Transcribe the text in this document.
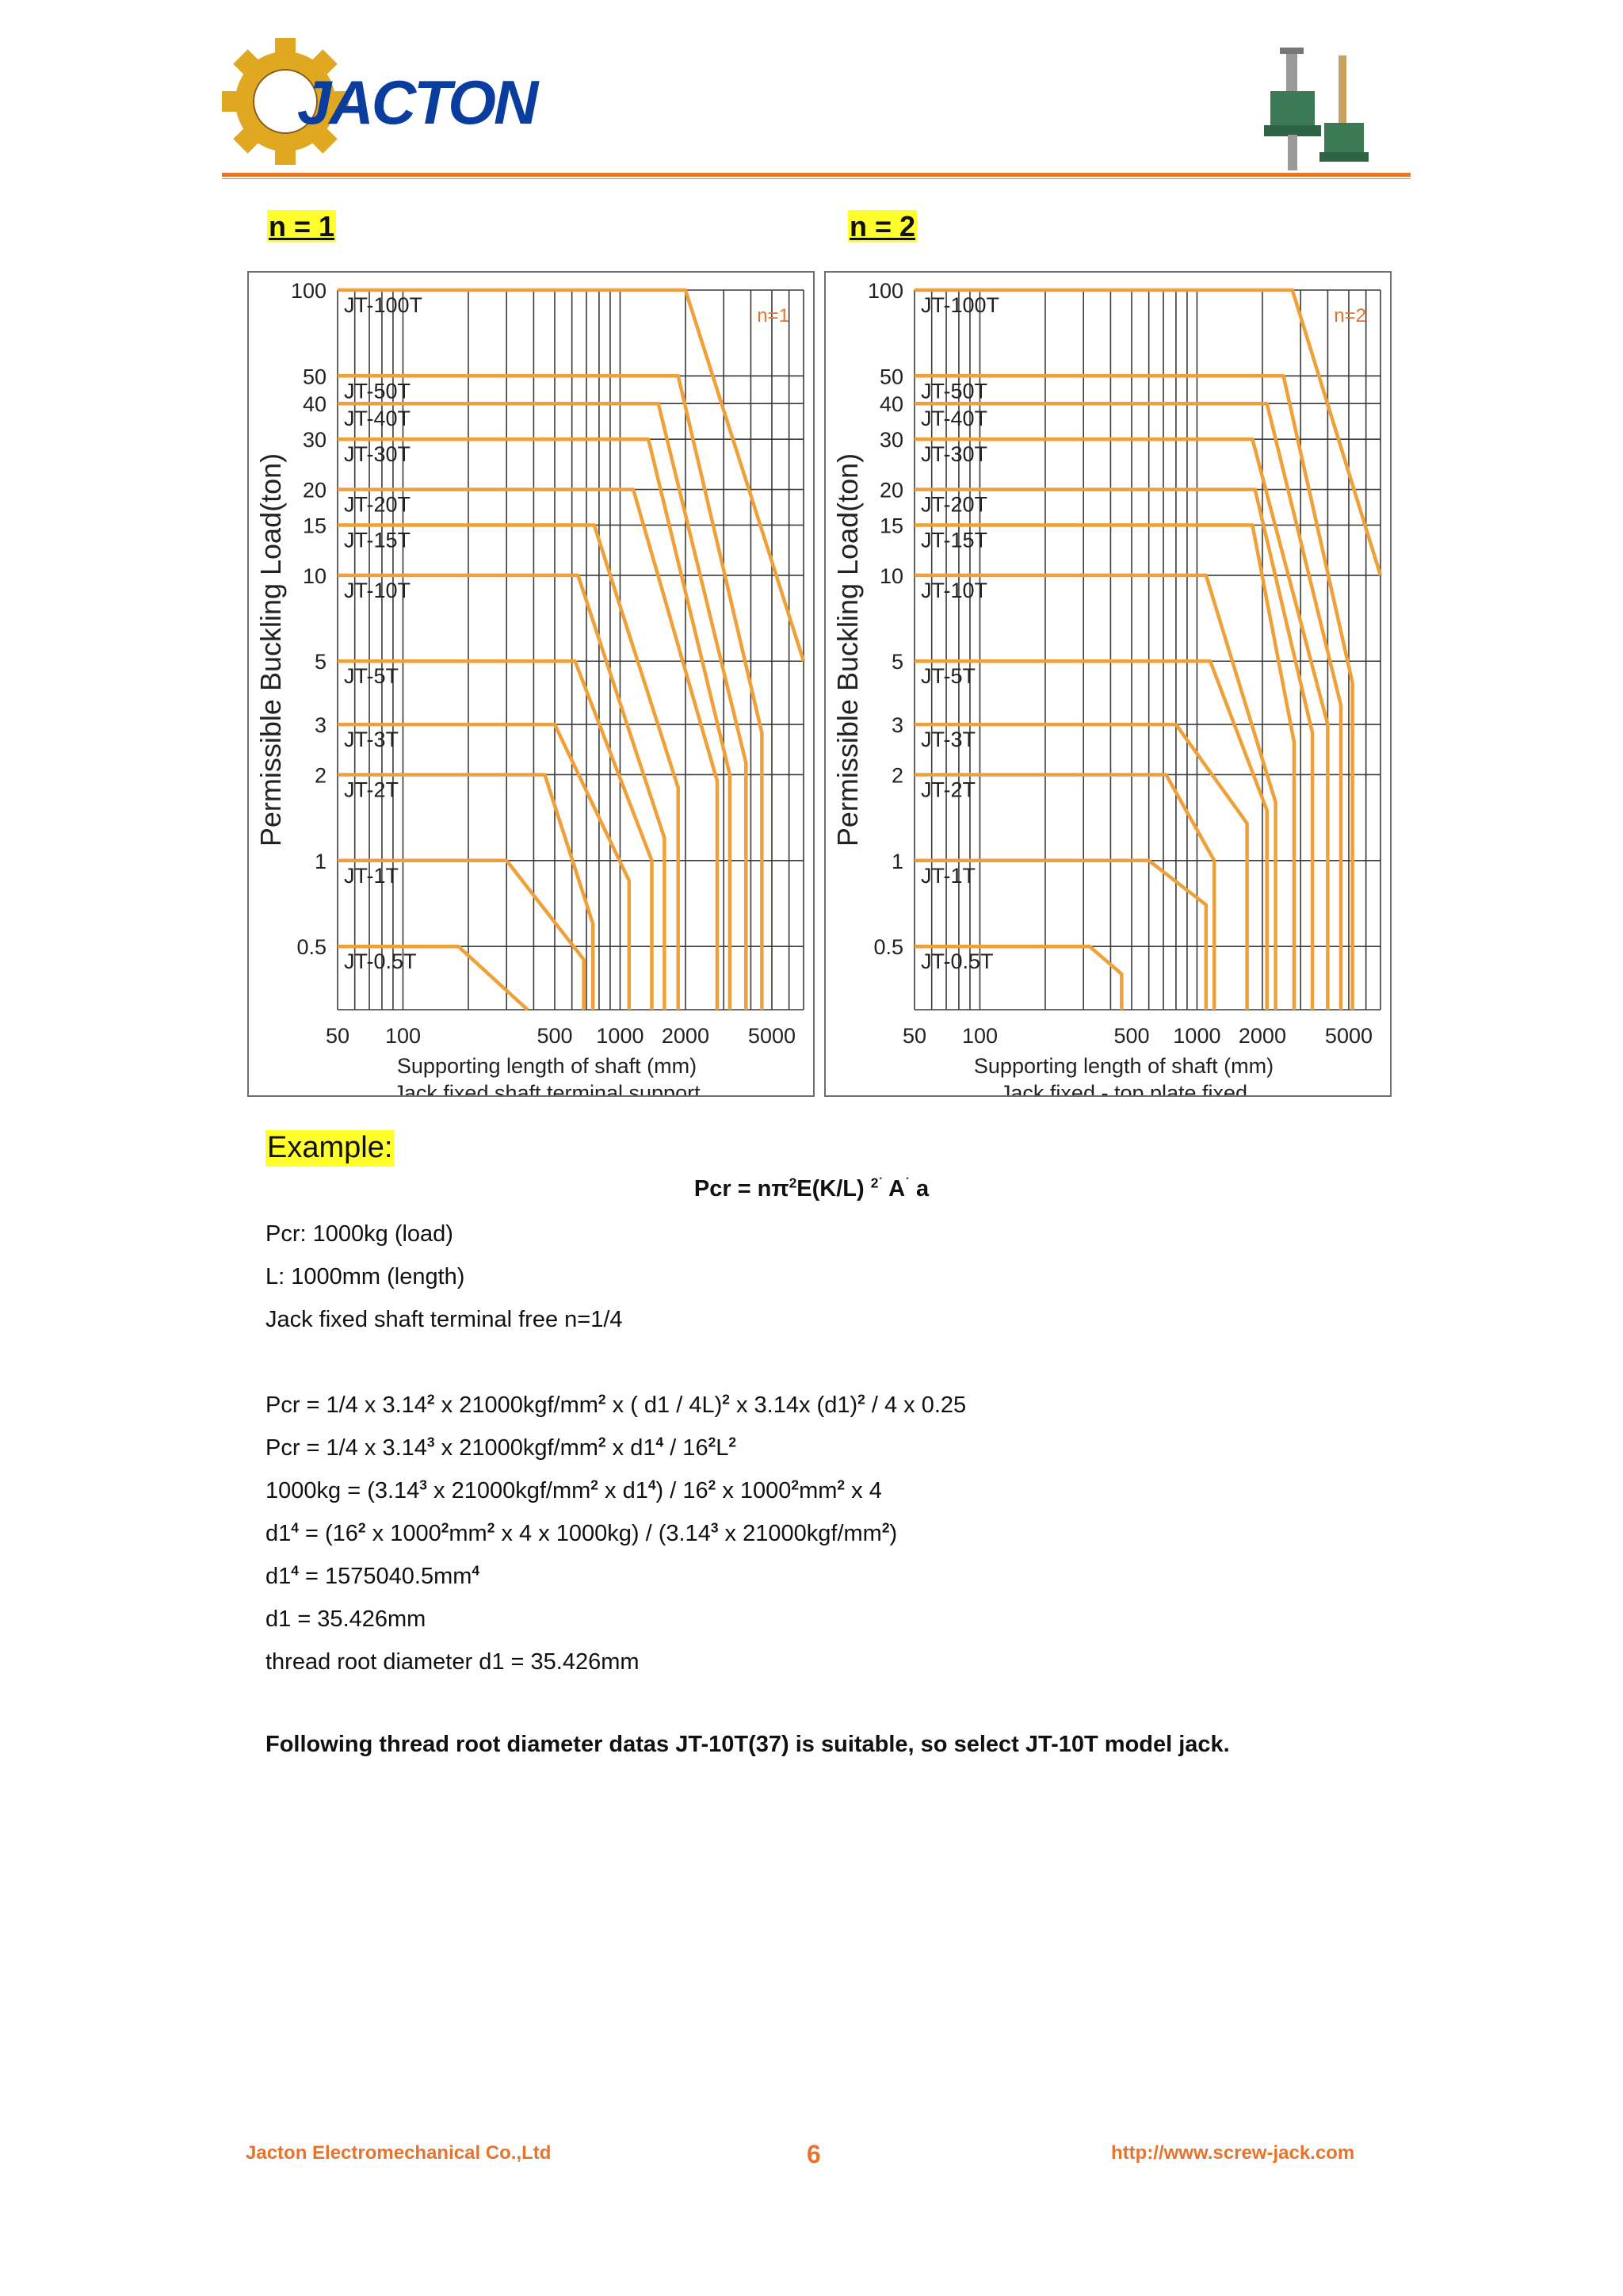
JACTON
n = 1	n = 2
JT-100T
JT-50T
JT-40T
JT-30T
JT-20T
JT-15T
JT-10T
JT-5T
JT-3T
JT-2T
JT-1T
JT-0.5T
100
50
40
30
20
15
10
5
3
2
1
0.5
50 100	500 1000 2000 5000
Permissible Buckling Load(ton)
Supporting length of shaft (mm)
Jack fixed shaft terminal support
n=1	JT-100T
JT-50T
JT-40T
JT-30T
JT-20T
JT-15T
JT-10T
JT-5T
JT-3T
JT-2T
JT-1T
JT-0.5T
100
50
40
30
20
15
10
5
3
2
1
0.5
50 100	500 1000 2000 5000
Permissible Buckling Load(ton)
Supporting length of shaft (mm)
Jack fixed - top plate fixed
n=2
Example:
Pcr = $n\pi^2E(K/L)$ $^{2˙}$ A˙ a
Pcr: 1000kg (load)
L: 1000mm (length)
Jack fixed shaft terminal free n=1/4
Pcr = 1/4 x 3.14$^2$ x $21000kgf/mm^2$ x ( d1 / 4L)$^2$ x 3.14x $(d1)^2 / 4$ x 0.25
Pcr = 1/4 x 3.14$^3$ x $21000kgf/mm^2$ x $d1^4 / 16^2L^2$
$1000kg = (3.14^3$ x $21000kgf/mm^2$ x $d1^4) / 16^2$ x $1000^2mm^2$ x 4
$d1^4 = (16^2$ x $1000^2mm^2$ x 4 x 1000kg) / (3.14$^3$ x $21000kgf/mm^2$)
$d1^4 = 1575040.5mm^4$
d1 = 35.426mm
thread root diameter d1 = 35.426mm
Following thread root diameter datas JT-10T(37) is suitable, so select JT-10T model jack.
Jacton Electromechanical Co.,Ltd	6	http://www.screw-jack.com
